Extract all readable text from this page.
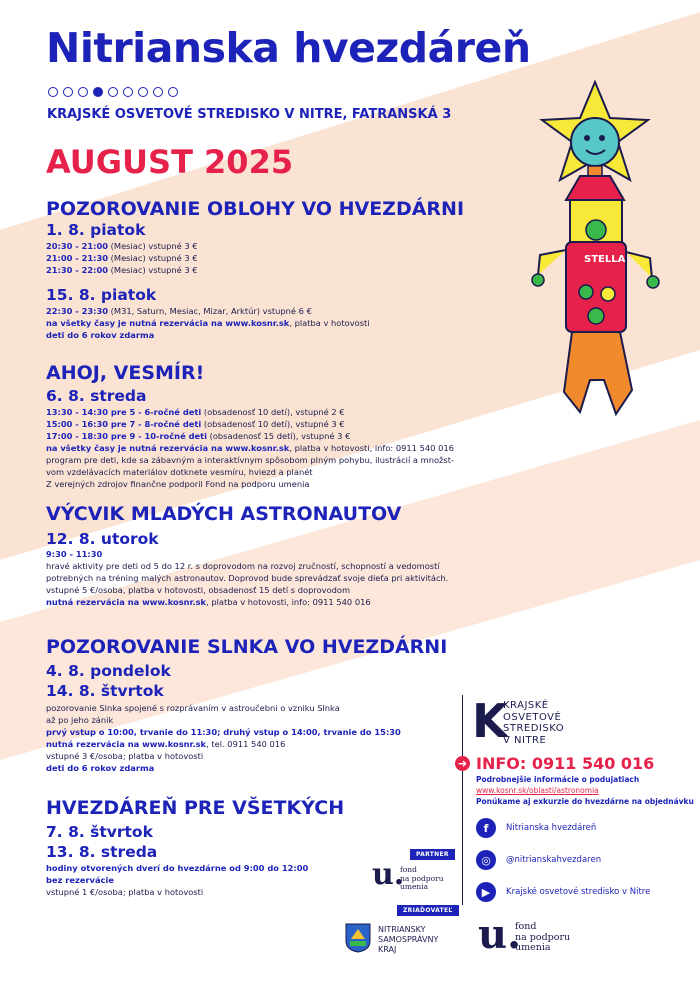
Nitrianska hvezdáreň
KRAJSKÉ OSVETOVÉ STREDISKO V NITRE, FATRANSKÁ 3
AUGUST 2025
STELLA
POZOROVANIE OBLOHY VO HVEZDÁRNI
1. 8. piatok
20:30 - 21:00 (Mesiac) vstupné 3 €
21:00 - 21:30 (Mesiac) vstupné 3 €
21:30 - 22:00 (Mesiac) vstupné 3 €
15. 8. piatok
22:30 - 23:30 (M31, Saturn, Mesiac, Mizar, Arktúr) vstupné 6 €
na všetky časy je nutná rezervácia na www.kosnr.sk, platba v hotovosti
deti do 6 rokov zdarma
AHOJ, VESMÍR!
6. 8. streda
13:30 - 14:30 pre 5 - 6-ročné deti (obsadenosť 10 detí), vstupné 2 €
15:00 - 16:30 pre 7 - 8-ročné deti (obsadenosť 10 detí), vstupné 3 €
17:00 - 18:30 pre 9 - 10-ročné deti (obsadenosť 15 detí), vstupné 3 €
na všetky časy je nutná rezervácia na www.kosnr.sk, platba v hotovosti, info: 0911 540 016
program pre deti, kde sa zábavným a interaktívnym spôsobom plným pohybu, ilustrácií a množst-
vom vzdelávacích materiálov dotknete vesmíru, hviezd a planét
Z verejných zdrojov finančne podporil Fond na podporu umenia
VÝCVIK MLADÝCH ASTRONAUTOV
12. 8. utorok
9:30 - 11:30
hravé aktivity pre deti od 5 do 12 r. s doprovodom na rozvoj zručností, schopností a vedomostí
potrebných na tréning malých astronautov. Doprovod bude sprevádzať svoje dieťa pri aktivitách.
vstupné 5 €/osoba, platba v hotovosti, obsadenosť 15 detí s doprovodom
nutná rezervácia na www.kosnr.sk, platba v hotovosti, info: 0911 540 016
POZOROVANIE SLNKA VO HVEZDÁRNI
4. 8. pondelok
14. 8. štvrtok
pozorovanie Slnka spojené s rozprávaním v astroučebni o vzniku Slnka
až po jeho zánik
prvý vstup o 10:00, trvanie do 11:30; druhý vstup o 14:00, trvanie do 15:30
nutná rezervácia na www.kosnr.sk, tel. 0911 540 016
vstupné 3 €/osoba; platba v hotovosti
deti do 6 rokov zdarma
HVEZDÁREŇ PRE VŠETKÝCH
7. 8. štvrtok
13. 8. streda
hodiny otvorených dverí do hvezdárne od 9:00 do 12:00
bez rezervácie
vstupné 1 €/osoba; platba v hotovosti
PARTNER
u.
fond
na podporu
umenia
ZRIAĎOVATEĽ
NITRIANSKY
SAMOSPRÁVNY
KRAJ
K
KRAJSKÉ
OSVETOVÉ
STREDISKO
V NITRE
➜ INFO: 0911 540 016
Podrobnejšie informácie o podujatiach
www.kosnr.sk/oblasti/astronomia
Ponúkame aj exkurzie do hvezdárne na objednávku
f	Nitrianska hvezdáreň
◎	@nitrianskahvezdaren
▶	Krajské osvetové stredisko v Nitre
u.
fond
na podporu
umenia
